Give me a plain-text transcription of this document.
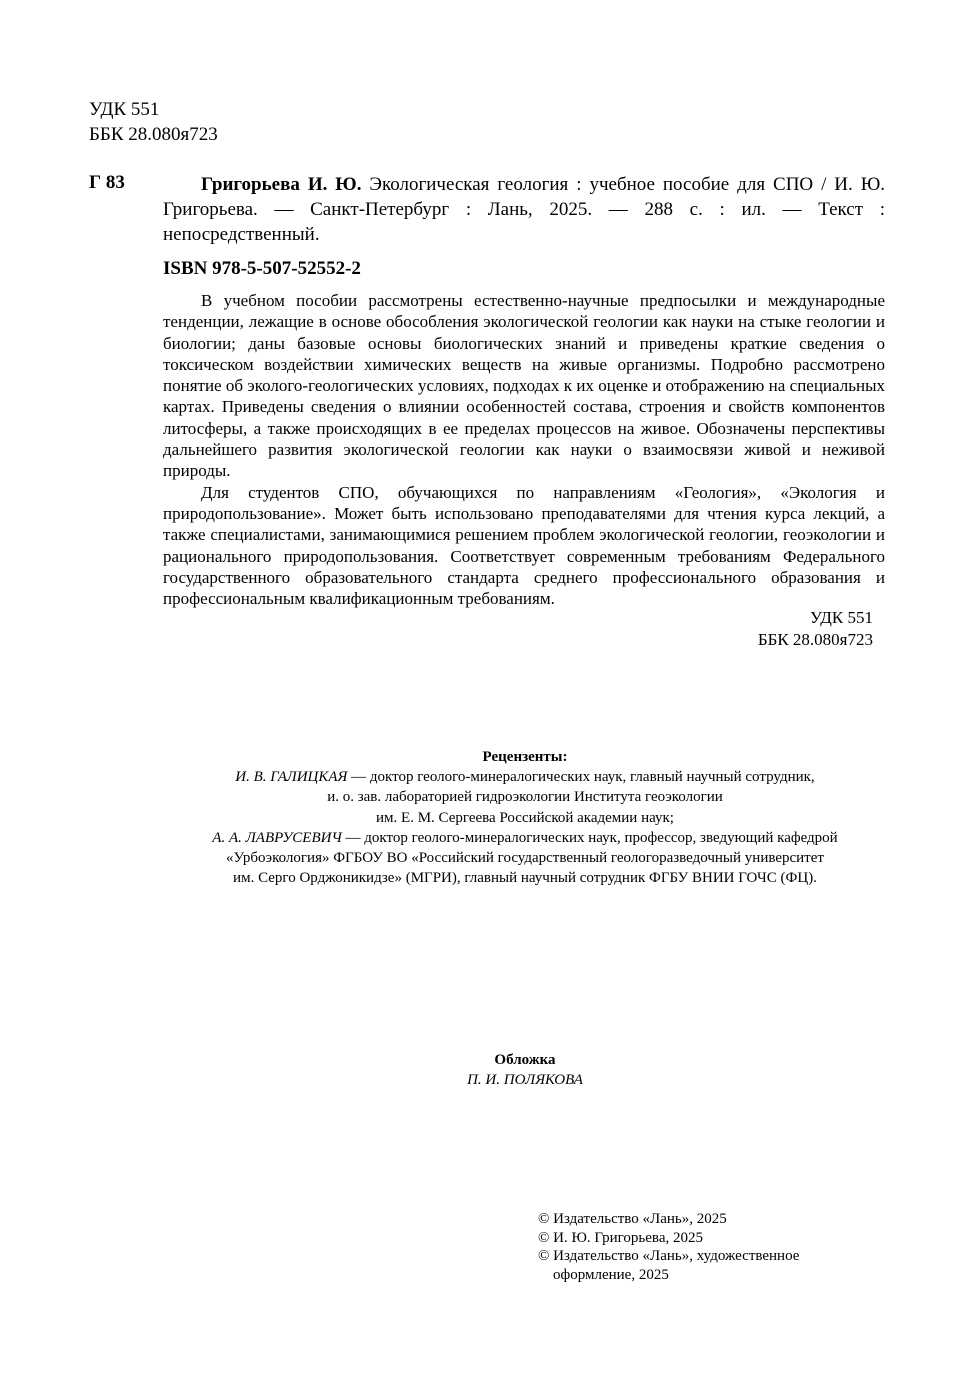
УДК 551
ББК 28.080я723
Г 83	Григорьева И. Ю. Экологическая геология : учебное пособие для СПО / И. Ю. Григорьева. — Санкт-Петербург : Лань, 2025. — 288 с. : ил. — Текст : непосредственный.
ISBN 978-5-507-52552-2

В учебном пособии рассмотрены естественно-научные предпосылки и международные тенденции, лежащие в основе обособления экологической геологии как науки на стыке геологии и биологии; даны базовые основы биологических знаний и приведены краткие сведения о токсическом воздействии химических веществ на живые организмы. Подробно рассмотрено понятие об эколого-геологических условиях, подходах к их оценке и отображению на специальных картах. Приведены сведения о влиянии особенностей состава, строения и свойств компонентов литосферы, а также происходящих в ее пределах процессов на живое. Обозначены перспективы дальнейшего развития экологической геологии как науки о взаимосвязи живой и неживой природы.

Для студентов СПО, обучающихся по направлениям «Геология», «Экология и природопользование». Может быть использовано преподавателями для чтения курса лекций, а также специалистами, занимающимися решением проблем экологической геологии, геоэкологии и рационального природопользования. Соответствует современным требованиям Федерального государственного образовательного стандарта среднего профессионального образования и профессиональным квалификационным требованиям.

УДК 551
ББК 28.080я723
Рецензенты:
И. В. ГАЛИЦКАЯ — доктор геолого-минералогических наук, главный научный сотрудник,
и. о. зав. лабораторией гидроэкологии Института геоэкологии
им. Е. М. Сергеева Российской академии наук;
А. А. ЛАВРУСЕВИЧ — доктор геолого-минералогических наук, профессор, зведующий кафедрой
«Урбоэкология» ФГБОУ ВО «Российский государственный геологоразведочный университет
им. Серго Орджоникидзе» (МГРИ), главный научный сотрудник ФГБУ ВНИИ ГОЧС (ФЦ).
Обложка
П. И. ПОЛЯКОВА
© Издательство «Лань», 2025
© И. Ю. Григорьева, 2025
© Издательство «Лань», художественное
оформление, 2025
